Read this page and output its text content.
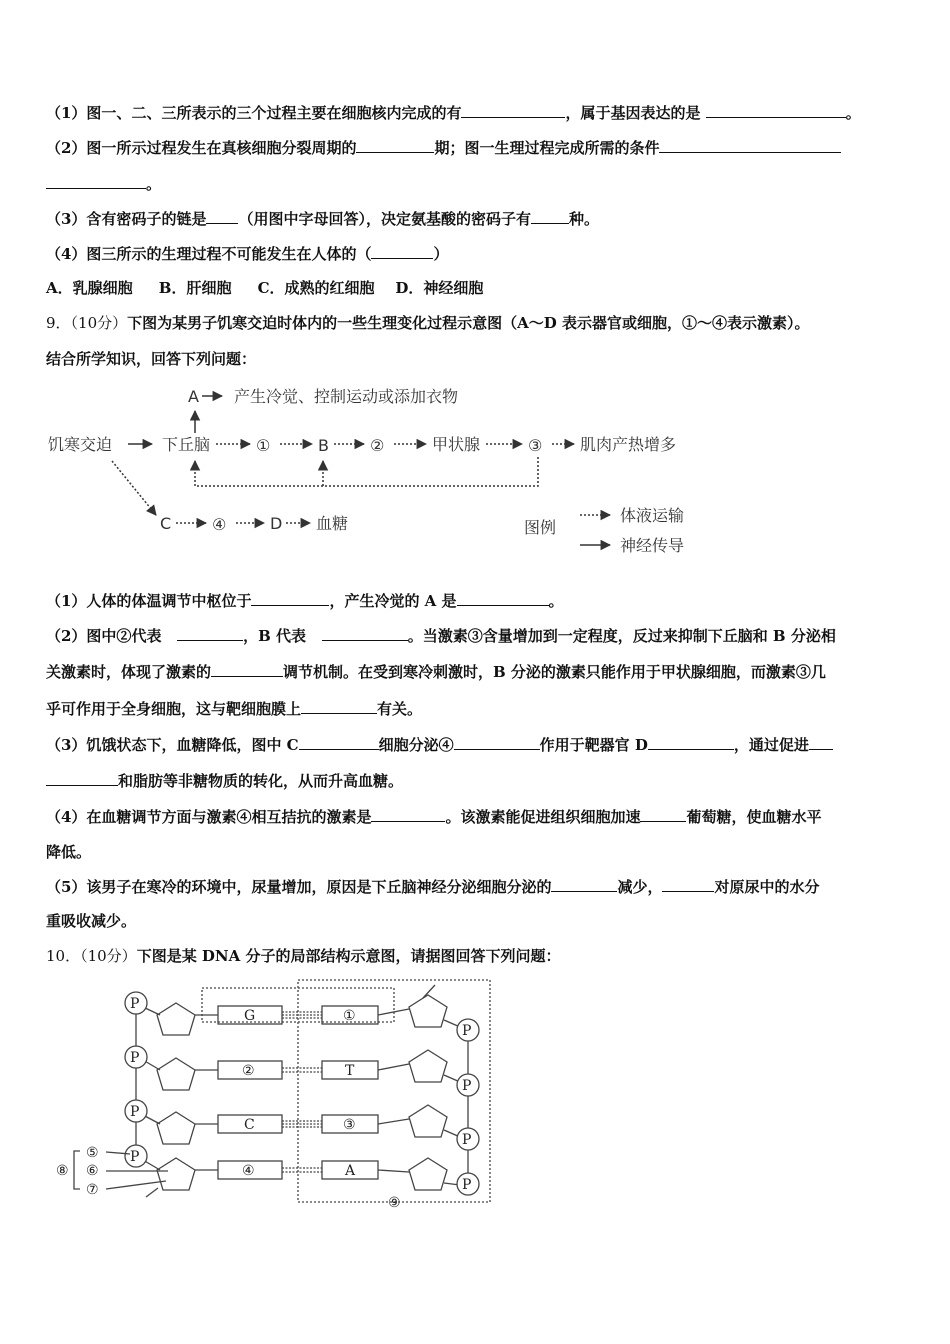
（1）图一、二、三所表示的三个过程主要在细胞核内完成的有	，属于基因表达的是	。
（2）图一所示过程发生在真核细胞分裂周期的	期；图一生理过程完成所需的条件
。
（3）含有密码子的链是 （用图中字母回答），决定氨基酸的密码子有	种。
（4）图三所示的生理过程不可能发生在人体的（	）
A．乳腺细胞 B．肝细胞 C．成熟的红细胞 D．神经细胞
9．（10分）下图为某男子饥寒交迫时体内的一些生理变化过程示意图（A～D 表示器官或细胞，①～④表示激素）。
结合所学知识，回答下列问题：
A 产生冷觉、控制运动或添加衣物
饥寒交迫	下丘脑	①	B	②	甲状腺	③ 肌肉产热增多
C	④	D 血糖	图例
体液运输
神经传导
（1）人体的体温调节中枢位于	，产生冷觉的 A 是	。
（2）图中②代表	，B 代表	。当激素③含量增加到一定程度，反过来抑制下丘脑和 B 分泌相
关激素时，体现了激素的	调节机制。在受到寒冷刺激时，B 分泌的激素只能作用于甲状腺细胞，而激素③几
乎可作用于全身细胞，这与靶细胞膜上	有关。
（3）饥饿状态下，血糖降低，图中 C	细胞分泌④	作用于靶器官 D	，通过促进
和脂肪等非糖物质的转化，从而升高血糖。
（4）在血糖调节方面与激素④相互拮抗的激素是	。该激素能促进组织细胞加速	葡萄糖，使血糖水平
降低。
（5）该男子在寒冷的环境中，尿量增加，原因是下丘脑神经分泌细胞分泌的	减少，	对原尿中的水分
重吸收减少。
10．（10分）下图是某 DNA 分子的局部结构示意图，请据图回答下列问题：
P
P
P
P
P
P
P
P
G
②
C
④
①
T
③
A
⑤
⑥
⑦
⑧
⑨
